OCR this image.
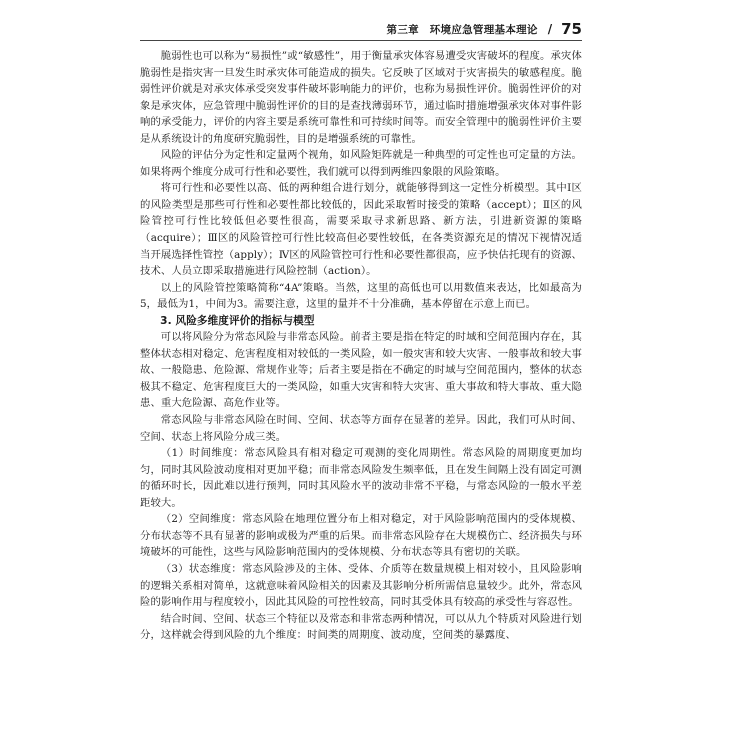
第三章　环境应急管理基本理论 / 75

脆弱性也可以称为“易损性”或“敏感性”，用于衡量承灾体容易遭受灾害破坏的程度。承灾体脆弱性是指灾害一旦发生时承灾体可能造成的损失。它反映了区域对于灾害损失的敏感程度。脆弱性评价就是对承灾体承受突发事件破坏影响能力的评价，也称为易损性评价。脆弱性评价的对象是承灾体，应急管理中脆弱性评价的目的是查找薄弱环节，通过临时措施增强承灾体对事件影响的承受能力，评价的内容主要是系统可靠性和可持续时间等。而安全管理中的脆弱性评价主要是从系统设计的角度研究脆弱性，目的是增强系统的可靠性。

风险的评估分为定性和定量两个视角，如风险矩阵就是一种典型的可定性也可定量的方法。如果将两个维度分成可行性和必要性，我们就可以得到两维四象限的风险策略。

将可行性和必要性以高、低的两种组合进行划分，就能够得到这一定性分析模型。其中Ⅰ区的风险类型是那些可行性和必要性都比较低的，因此采取暂时接受的策略（accept）；Ⅱ区的风险管控可行性比较低但必要性很高，需要采取寻求新思路、新方法，引进新资源的策略（acquire）；Ⅲ区的风险管控可行性比较高但必要性较低，在各类资源充足的情况下视情况适当开展选择性管控（apply）；Ⅳ区的风险管控可行性和必要性都很高，应予快估托现有的资源、技术、人员立即采取措施进行风险控制（action）。

以上的风险管控策略简称“4A”策略。当然，这里的高低也可以用数值来表达，比如最高为5，最低为1，中间为3。需要注意，这里的量并不十分准确，基本停留在示意上而已。

3. 风险多维度评价的指标与模型

可以将风险分为常态风险与非常态风险。前者主要是指在特定的时域和空间范围内存在，其整体状态相对稳定、危害程度相对较低的一类风险，如一般灾害和较大灾害、一般事故和较大事故、一般隐患、危险源、常规作业等；后者主要是指在不确定的时域与空间范围内，整体的状态极其不稳定、危害程度巨大的一类风险，如重大灾害和特大灾害、重大事故和特大事故、重大隐患、重大危险源、高危作业等。

常态风险与非常态风险在时间、空间、状态等方面存在显著的差异。因此，我们可从时间、空间、状态上将风险分成三类。

（1）时间维度：常态风险具有相对稳定可观测的变化周期性。常态风险的周期度更加均匀，同时其风险波动度相对更加平稳；而非常态风险发生频率低，且在发生间隔上没有固定可测的循环时长，因此难以进行预判，同时其风险水平的波动非常不平稳，与常态风险的一般水平差距较大。

（2）空间维度：常态风险在地理位置分布上相对稳定，对于风险影响范围内的受体规模、分布状态等不具有显著的影响或极为严重的后果。而非常态风险存在大规模伤亡、经济损失与环境破坏的可能性，这些与风险影响范围内的受体规模、分布状态等具有密切的关联。

（3）状态维度：常态风险涉及的主体、受体、介质等在数量规模上相对较小，且风险影响的逻辑关系相对简单，这就意味着风险相关的因素及其影响分析所需信息量较少。此外，常态风险的影响作用与程度较小，因此其风险的可控性较高，同时其受体具有较高的承受性与容忍性。

结合时间、空间、状态三个特征以及常态和非常态两种情况，可以从九个特质对风险进行划分，这样就会得到风险的九个维度：时间类的周期度、波动度，空间类的暴露度、
